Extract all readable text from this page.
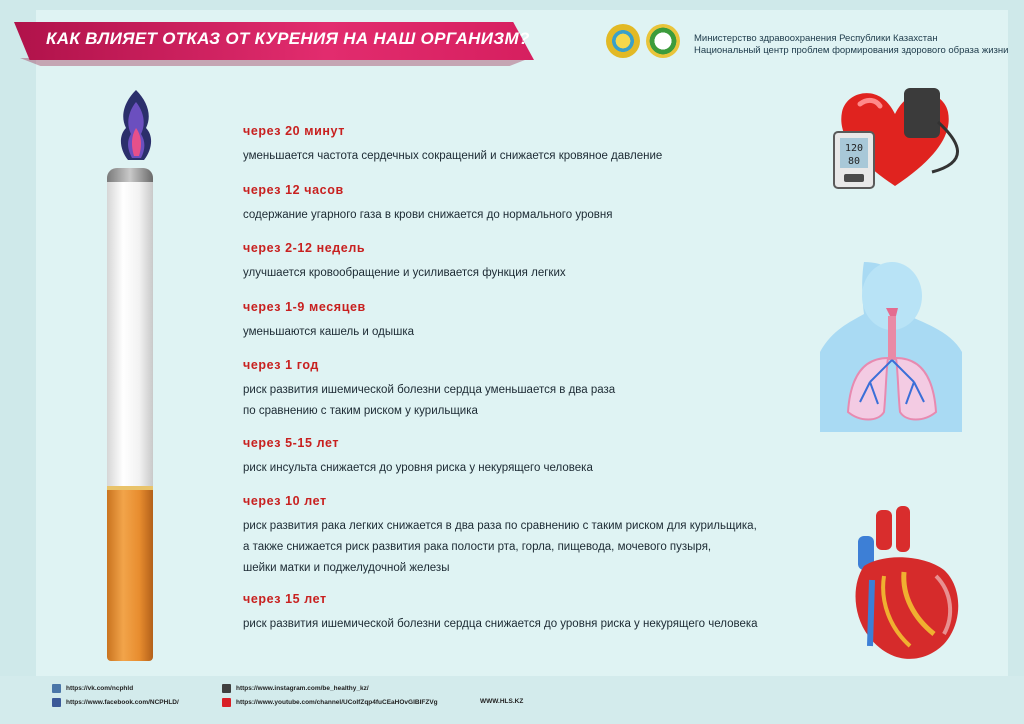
КАК ВЛИЯЕТ ОТКАЗ ОТ КУРЕНИЯ НА НАШ ОРГАНИЗМ?	Министерство здравоохранения Республики Казахстан
Национальный центр проблем формирования здорового образа жизни
через 20 минут
уменьшается частота сердечных сокращений и снижается кровяное давление
через 12 часов
содержание угарного газа в крови снижается до нормального уровня
через 2-12 недель
улучшается кровообращение и усиливается функция легких
через 1-9 месяцев
уменьшаются кашель и одышка
через 1 год
риск развития ишемической болезни сердца уменьшается в два раза
по сравнению с таким риском у курильщика
через 5-15 лет
риск инсульта снижается до уровня риска у некурящего человека
через 10 лет
риск развития рака легких снижается в два раза по сравнению с таким риском для курильщика,
а также снижается риск развития рака полости рта, горла, пищевода, мочевого пузыря,
шейки матки и поджелудочной железы
через 15 лет
риск развития ишемической болезни сердца снижается до уровня риска у некурящего человека
120
80
https://vk.com/ncphld
https://www.facebook.com/NCPHLD/
https://www.instagram.com/be_healthy_kz/
https://www.youtube.com/channel/UCoIfZqp4fuCEaHOvGIBIFZVg	WWW.HLS.KZ
